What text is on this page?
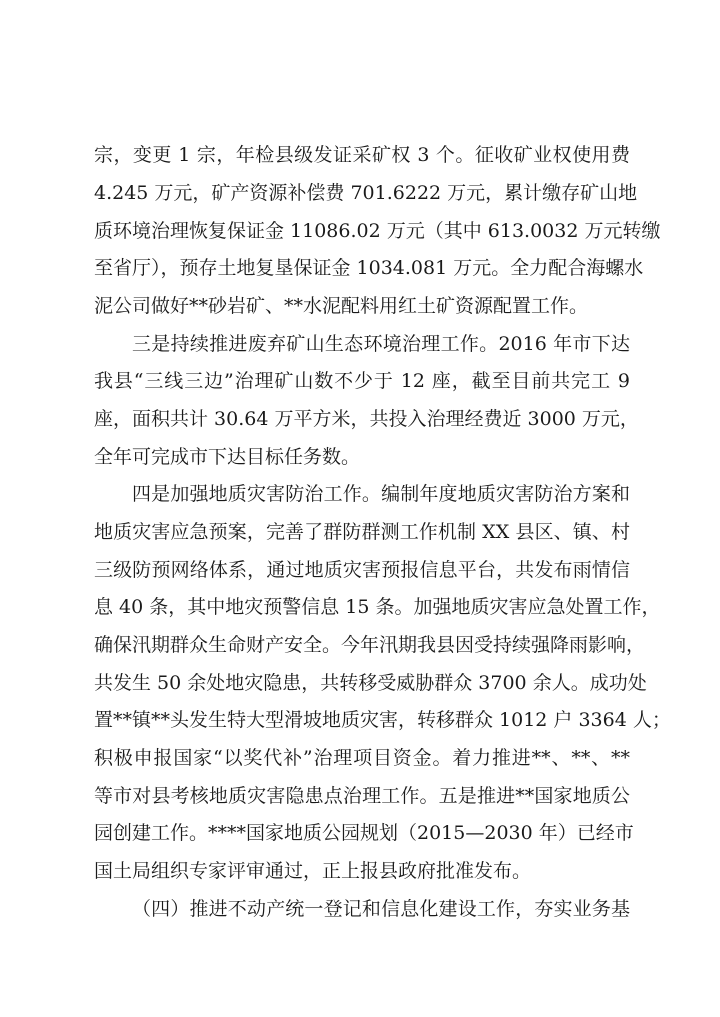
宗，变更 1 宗，年检县级发证采矿权 3 个。征收矿业权使用费
4.245 万元，矿产资源补偿费 701.6222 万元，累计缴存矿山地
质环境治理恢复保证金 11086.02 万元（其中 613.0032 万元转缴
至省厅），预存土地复垦保证金 1034.081 万元。全力配合海螺水
泥公司做好**砂岩矿、**水泥配料用红土矿资源配置工作。
三是持续推进废弃矿山生态环境治理工作。2016 年市下达
我县“三线三边”治理矿山数不少于 12 座，截至目前共完工 9
座，面积共计 30.64 万平方米，共投入治理经费近 3000 万元，
全年可完成市下达目标任务数。
四是加强地质灾害防治工作。编制年度地质灾害防治方案和
地质灾害应急预案，完善了群防群测工作机制 XX 县区、镇、村
三级防预网络体系，通过地质灾害预报信息平台，共发布雨情信
息 40 条，其中地灾预警信息 15 条。加强地质灾害应急处置工作，
确保汛期群众生命财产安全。今年汛期我县因受持续强降雨影响，
共发生 50 余处地灾隐患，共转移受威胁群众 3700 余人。成功处
置**镇**头发生特大型滑坡地质灾害，转移群众 1012 户 3364 人；
积极申报国家“以奖代补”治理项目资金。着力推进**、**、**
等市对县考核地质灾害隐患点治理工作。五是推进**国家地质公
园创建工作。****国家地质公园规划（2015—2030 年）已经市
国土局组织专家评审通过，正上报县政府批准发布。
（四）推进不动产统一登记和信息化建设工作，夯实业务基
